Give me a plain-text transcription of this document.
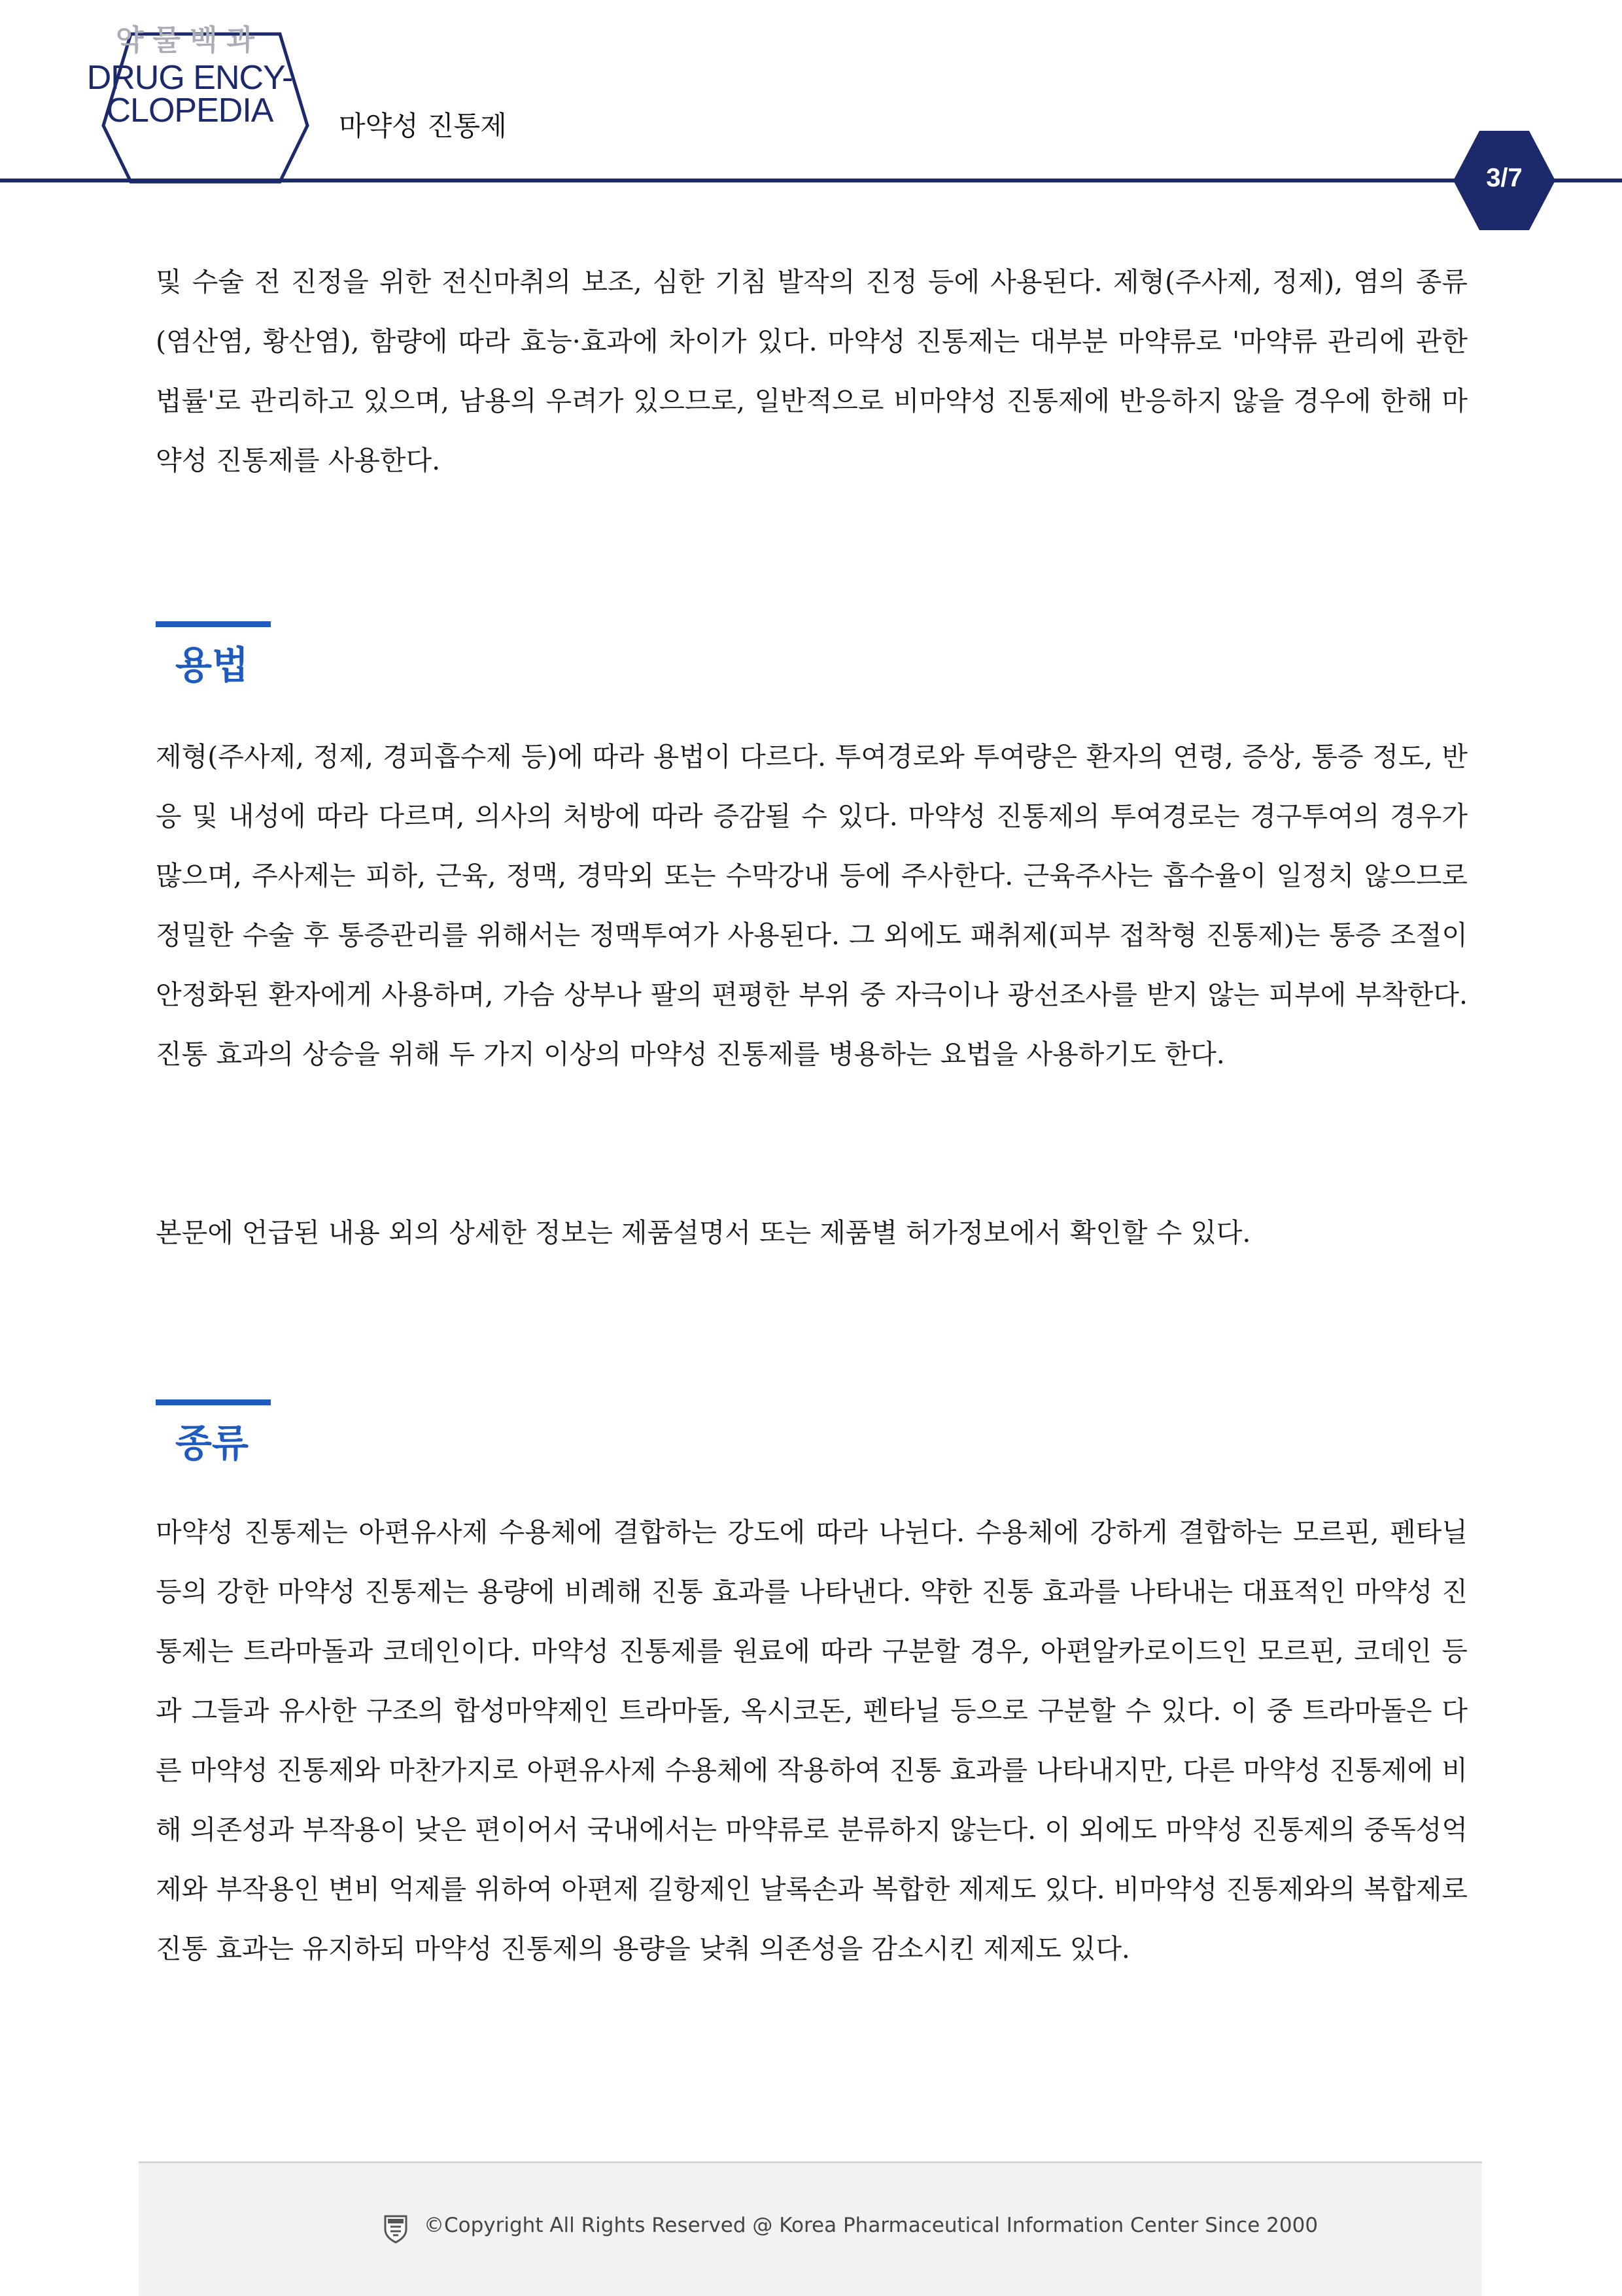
약물백과
DRUG ENCY-
CLOPEDIA	마약성 진통제
3/7

및 수술 전 진정을 위한 전신마취의 보조, 심한 기침 발작의 진정 등에 사용된다. 제형(주사제, 정제), 염의 종류(염산염, 황산염), 함량에 따라 효능·효과에 차이가 있다. 마약성 진통제는 대부분 마약류로 '마약류 관리에 관한 법률'로 관리하고 있으며, 남용의 우려가 있으므로, 일반적으로 비마약성 진통제에 반응하지 않을 경우에 한해 마약성 진통제를 사용한다.

용법

제형(주사제, 정제, 경피흡수제 등)에 따라 용법이 다르다. 투여경로와 투여량은 환자의 연령, 증상, 통증 정도, 반응 및 내성에 따라 다르며, 의사의 처방에 따라 증감될 수 있다. 마약성 진통제의 투여경로는 경구투여의 경우가 많으며, 주사제는 피하, 근육, 정맥, 경막외 또는 수막강내 등에 주사한다. 근육주사는 흡수율이 일정치 않으므로 정밀한 수술 후 통증관리를 위해서는 정맥투여가 사용된다. 그 외에도 패취제(피부 접착형 진통제)는 통증 조절이 안정화된 환자에게 사용하며, 가슴 상부나 팔의 편평한 부위 중 자극이나 광선조사를 받지 않는 피부에 부착한다. 진통 효과의 상승을 위해 두 가지 이상의 마약성 진통제를 병용하는 요법을 사용하기도 한다.

본문에 언급된 내용 외의 상세한 정보는 제품설명서 또는 제품별 허가정보에서 확인할 수 있다.

종류

마약성 진통제는 아편유사제 수용체에 결합하는 강도에 따라 나뉜다. 수용체에 강하게 결합하는 모르핀, 펜타닐 등의 강한 마약성 진통제는 용량에 비례해 진통 효과를 나타낸다. 약한 진통 효과를 나타내는 대표적인 마약성 진통제는 트라마돌과 코데인이다. 마약성 진통제를 원료에 따라 구분할 경우, 아편알카로이드인 모르핀, 코데인 등과 그들과 유사한 구조의 합성마약제인 트라마돌, 옥시코돈, 펜타닐 등으로 구분할 수 있다. 이 중 트라마돌은 다른 마약성 진통제와 마찬가지로 아편유사제 수용체에 작용하여 진통 효과를 나타내지만, 다른 마약성 진통제에 비해 의존성과 부작용이 낮은 편이어서 국내에서는 마약류로 분류하지 않는다. 이 외에도 마약성 진통제의 중독성억제와 부작용인 변비 억제를 위하여 아편제 길항제인 날록손과 복합한 제제도 있다. 비마약성 진통제와의 복합제로 진통 효과는 유지하되 마약성 진통제의 용량을 낮춰 의존성을 감소시킨 제제도 있다.

©Copyright All Rights Reserved @ Korea Pharmaceutical Information Center Since 2000
